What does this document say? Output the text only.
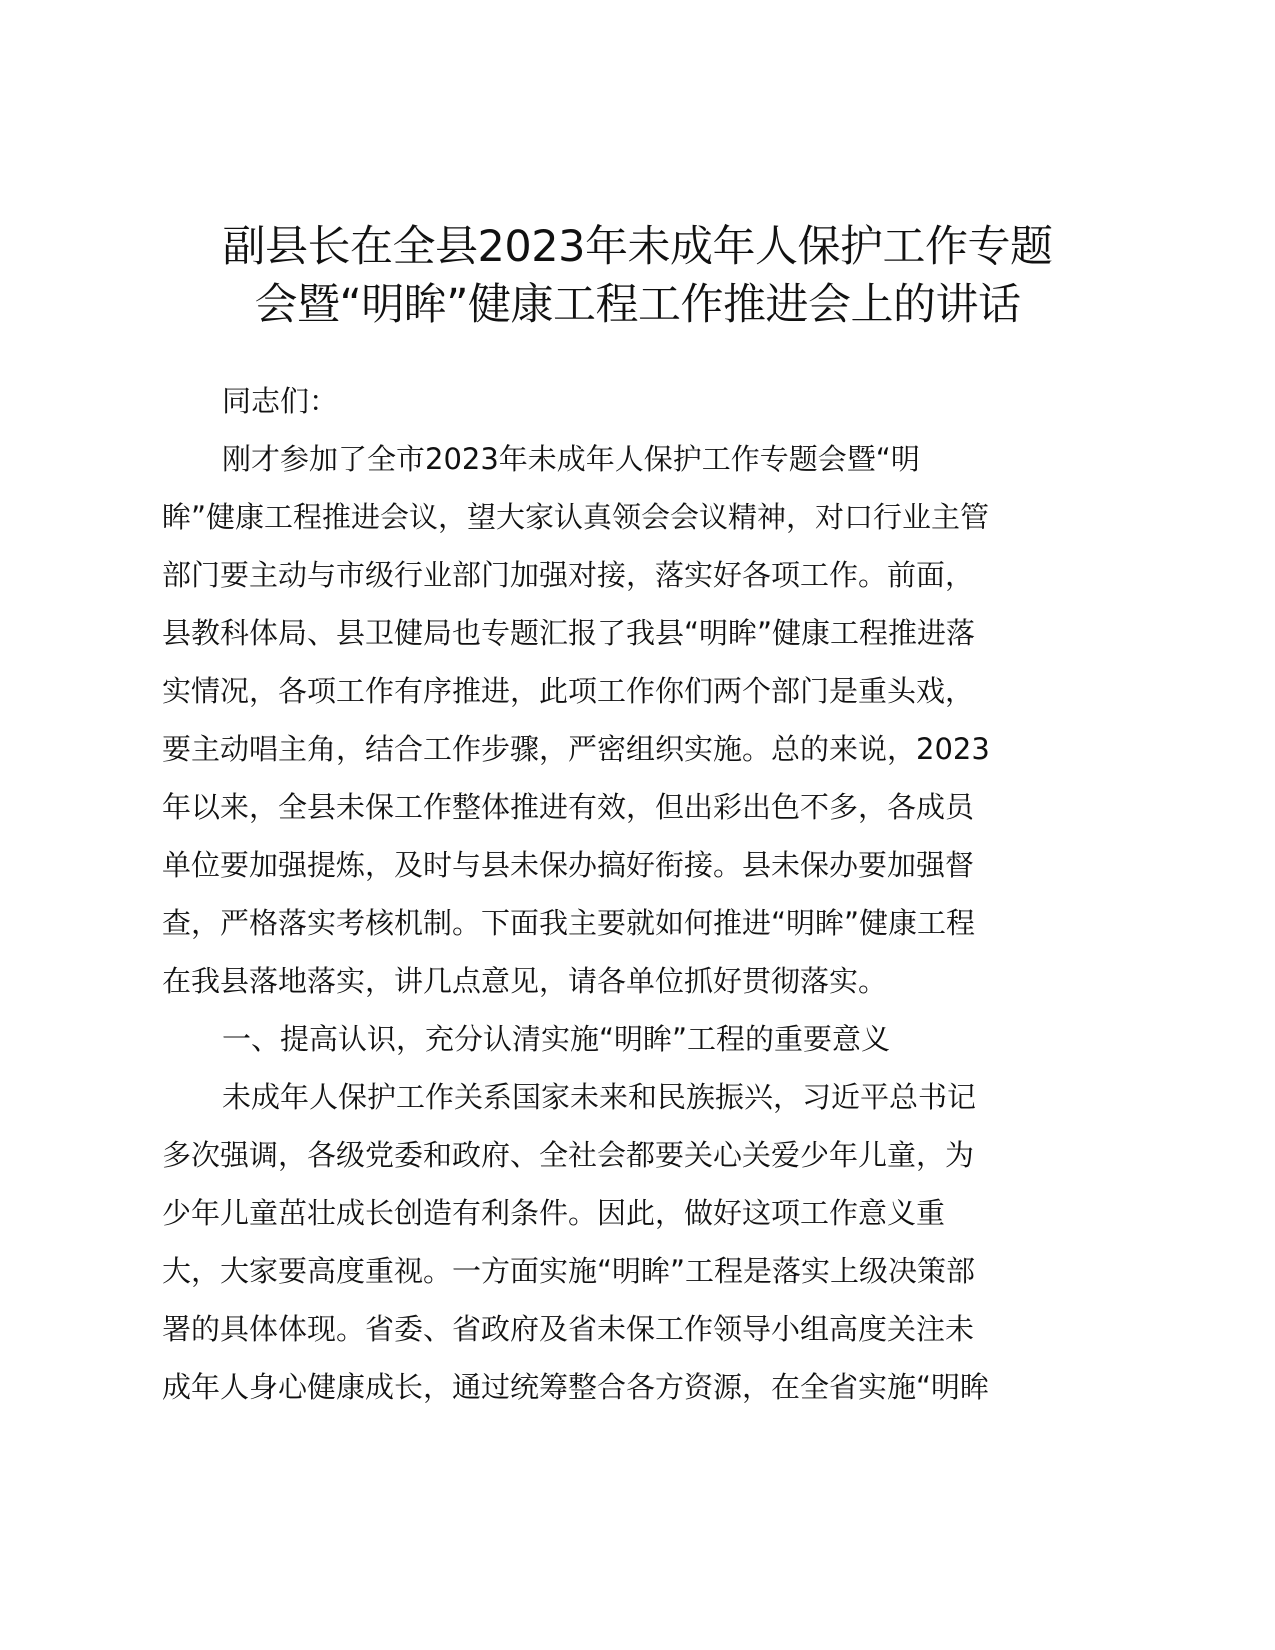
副县长在全县2023年未成年人保护工作专题
会暨“明眸”健康工程工作推进会上的讲话
同志们：
刚才参加了全市2023年未成年人保护工作专题会暨“明
眸”健康工程推进会议，望大家认真领会会议精神，对口行业主管
部门要主动与市级行业部门加强对接，落实好各项工作。前面，
县教科体局、县卫健局也专题汇报了我县“明眸”健康工程推进落
实情况，各项工作有序推进，此项工作你们两个部门是重头戏，
要主动唱主角，结合工作步骤，严密组织实施。总的来说，2023
年以来，全县未保工作整体推进有效，但出彩出色不多，各成员
单位要加强提炼，及时与县未保办搞好衔接。县未保办要加强督
查，严格落实考核机制。下面我主要就如何推进“明眸”健康工程
在我县落地落实，讲几点意见，请各单位抓好贯彻落实。
一、提高认识，充分认清实施“明眸”工程的重要意义
未成年人保护工作关系国家未来和民族振兴，习近平总书记
多次强调，各级党委和政府、全社会都要关心关爱少年儿童，为
少年儿童茁壮成长创造有利条件。因此，做好这项工作意义重
大，大家要高度重视。一方面实施“明眸”工程是落实上级决策部
署的具体体现。省委、省政府及省未保工作领导小组高度关注未
成年人身心健康成长，通过统筹整合各方资源，在全省实施“明眸
